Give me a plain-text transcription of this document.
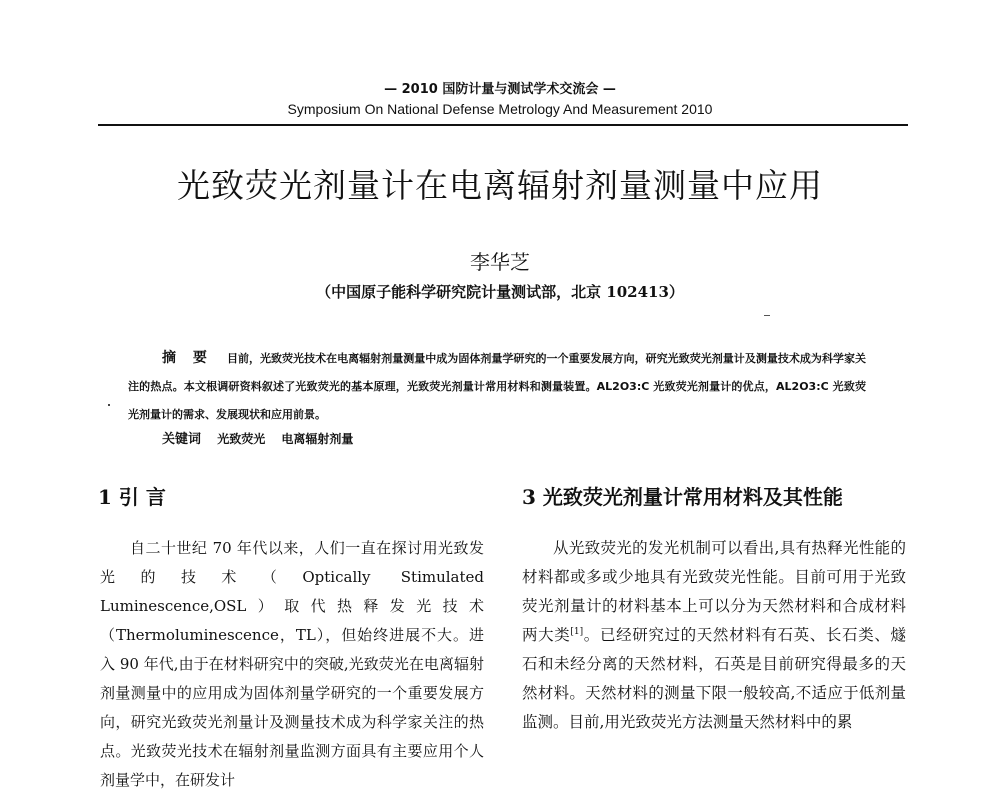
— 2010 国防计量与测试学术交流会 —
Symposium On National Defense Metrology And Measurement 2010
光致荧光剂量计在电离辐射剂量测量中应用
李华芝
（中国原子能科学研究院计量测试部，北京 102413）
摘 要 目前，光致荧光技术在电离辐射剂量测量中成为固体剂量学研究的一个重要发展方向，研究光致荧光剂量计及测量技术成为科学家关注的热点。本文根调研资料叙述了光致荧光的基本原理，光致荧光剂量计常用材料和测量装置。AL2O3:C 光致荧光剂量计的优点，AL2O3:C 光致荧光剂量计的需求、发展现状和应用前景。
关键词 光致荧光 电离辐射剂量
1 引 言	3 光致荧光剂量计常用材料及其性能

自二十世纪 70 年代以来，人们一直在探讨用光致发光的技术（Optically Stimulated Luminescence,OSL）取代热释发光技术（Thermoluminescence，TL），但始终进展不大。进入 90 年代,由于在材料研究中的突破,光致荧光在电离辐射剂量测量中的应用成为固体剂量学研究的一个重要发展方向，研究光致荧光剂量计及测量技术成为科学家关注的热点。光致荧光技术在辐射剂量监测方面具有主要应用个人剂量学中，在研发计

从光致荧光的发光机制可以看出,具有热释光性能的材料都或多或少地具有光致荧光性能。目前可用于光致荧光剂量计的材料基本上可以分为天然材料和合成材料两大类[1]。已经研究过的天然材料有石英、长石类、燧石和未经分离的天然材料，石英是目前研究得最多的天然材料。天然材料的测量下限一般较高,不适应于低剂量监测。目前,用光致荧光方法测量天然材料中的累
